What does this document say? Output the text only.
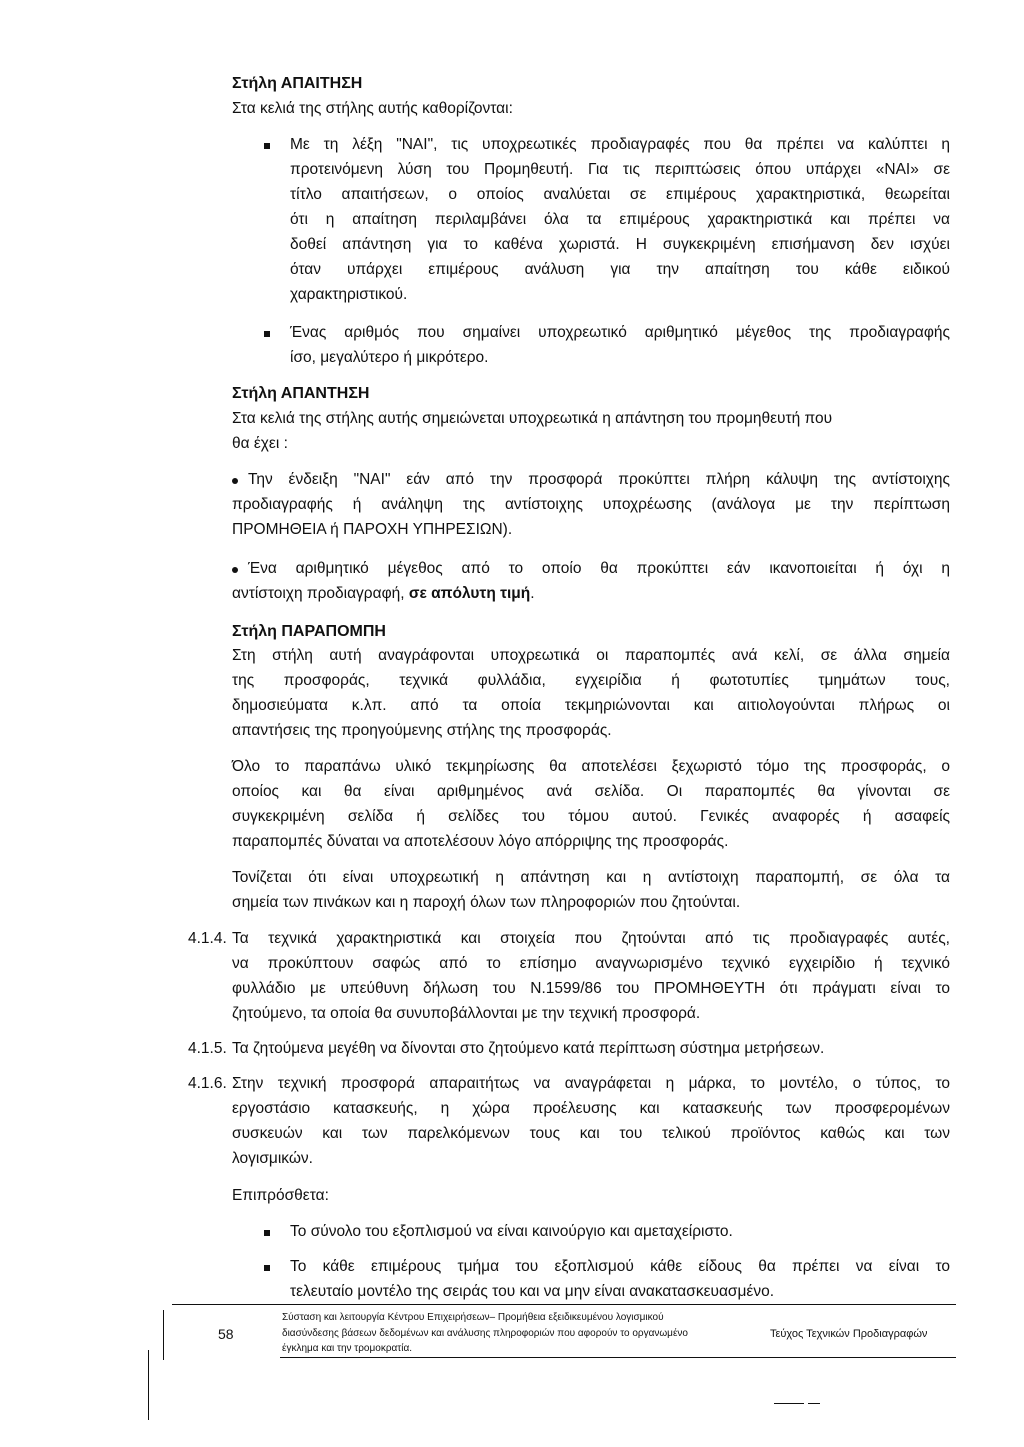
Στήλη ΑΠΑΙΤΗΣΗ
Στα κελιά της στήλης αυτής καθορίζονται:
Με τη λέξη "ΝΑΙ", τις υποχρεωτικές προδιαγραφές που θα πρέπει να καλύπτει η
προτεινόμενη λύση του Προμηθευτή. Για τις περιπτώσεις όπου υπάρχει «ΝΑΙ» σε
τίτλο απαιτήσεων, ο οποίος αναλύεται σε επιμέρους χαρακτηριστικά, θεωρείται
ότι η απαίτηση περιλαμβάνει όλα τα επιμέρους χαρακτηριστικά και πρέπει να
δοθεί απάντηση για το καθένα χωριστά. Η συγκεκριμένη επισήμανση δεν ισχύει
όταν υπάρχει επιμέρους ανάλυση για την απαίτηση του κάθε ειδικού
χαρακτηριστικού.
Ένας αριθμός που σημαίνει υποχρεωτικό αριθμητικό μέγεθος της προδιαγραφής
ίσο, μεγαλύτερο ή μικρότερο.
Στήλη ΑΠΑΝΤΗΣΗ
Στα κελιά της στήλης αυτής σημειώνεται υποχρεωτικά η απάντηση του προμηθευτή που
θα έχει :
Την ένδειξη "ΝΑΙ" εάν από την προσφορά προκύπτει πλήρη κάλυψη της αντίστοιχης
προδιαγραφής ή ανάληψη της αντίστοιχης υποχρέωσης (ανάλογα με την περίπτωση
ΠΡΟΜΗΘΕΙΑ ή ΠΑΡΟΧΗ ΥΠΗΡΕΣΙΩΝ).
Ένα αριθμητικό μέγεθος από το οποίο θα προκύπτει εάν ικανοποιείται ή όχι η
αντίστοιχη προδιαγραφή, σε απόλυτη τιμή.
Στήλη ΠΑΡΑΠΟΜΠΗ
Στη στήλη αυτή αναγράφονται υποχρεωτικά οι παραπομπές ανά κελί, σε άλλα σημεία
της προσφοράς, τεχνικά φυλλάδια, εγχειρίδια ή φωτοτυπίες τμημάτων τους,
δημοσιεύματα κ.λπ. από τα οποία τεκμηριώνονται και αιτιολογούνται πλήρως οι
απαντήσεις της προηγούμενης στήλης της προσφοράς.
Όλο το παραπάνω υλικό τεκμηρίωσης θα αποτελέσει ξεχωριστό τόμο της προσφοράς, ο
οποίος και θα είναι αριθμημένος ανά σελίδα. Οι παραπομπές θα γίνονται σε
συγκεκριμένη σελίδα ή σελίδες του τόμου αυτού. Γενικές αναφορές ή ασαφείς
παραπομπές δύναται να αποτελέσουν λόγο απόρριψης της προσφοράς.
Τονίζεται ότι είναι υποχρεωτική η απάντηση και η αντίστοιχη παραπομπή, σε όλα τα
σημεία των πινάκων και η παροχή όλων των πληροφοριών που ζητούνται.
4.1.4. Τα τεχνικά χαρακτηριστικά και στοιχεία που ζητούνται από τις προδιαγραφές αυτές,
να προκύπτουν σαφώς από το επίσημο αναγνωρισμένο τεχνικό εγχειρίδιο ή τεχνικό
φυλλάδιο με υπεύθυνη δήλωση του Ν.1599/86 του ΠΡΟΜΗΘΕΥΤΗ ότι πράγματι είναι το
ζητούμενο, τα οποία θα συνυποβάλλονται με την τεχνική προσφορά.
4.1.5. Τα ζητούμενα μεγέθη να δίνονται στο ζητούμενο κατά περίπτωση σύστημα μετρήσεων.
4.1.6. Στην τεχνική προσφορά απαραιτήτως να αναγράφεται η μάρκα, το μοντέλο, ο τύπος, το
εργοστάσιο κατασκευής, η χώρα προέλευσης και κατασκευής των προσφερομένων
συσκευών και των παρελκόμενων τους και του τελικού προϊόντος καθώς και των
λογισμικών.
Επιπρόσθετα:
Το σύνολο του εξοπλισμού να είναι καινούργιο και αμεταχείριστο.
Το κάθε επιμέρους τμήμα του εξοπλισμού κάθε είδους θα πρέπει να είναι το
τελευταίο μοντέλο της σειράς του και να μην είναι ανακατασκευασμένο.
58
Σύσταση και λειτουργία Κέντρου Επιχειρήσεων– Προμήθεια εξειδικευμένου λογισμικού
διασύνδεσης βάσεων δεδομένων και ανάλυσης πληροφοριών που αφορούν το οργανωμένο
έγκλημα και την τρομοκρατία.
Τεύχος Τεχνικών Προδιαγραφών
